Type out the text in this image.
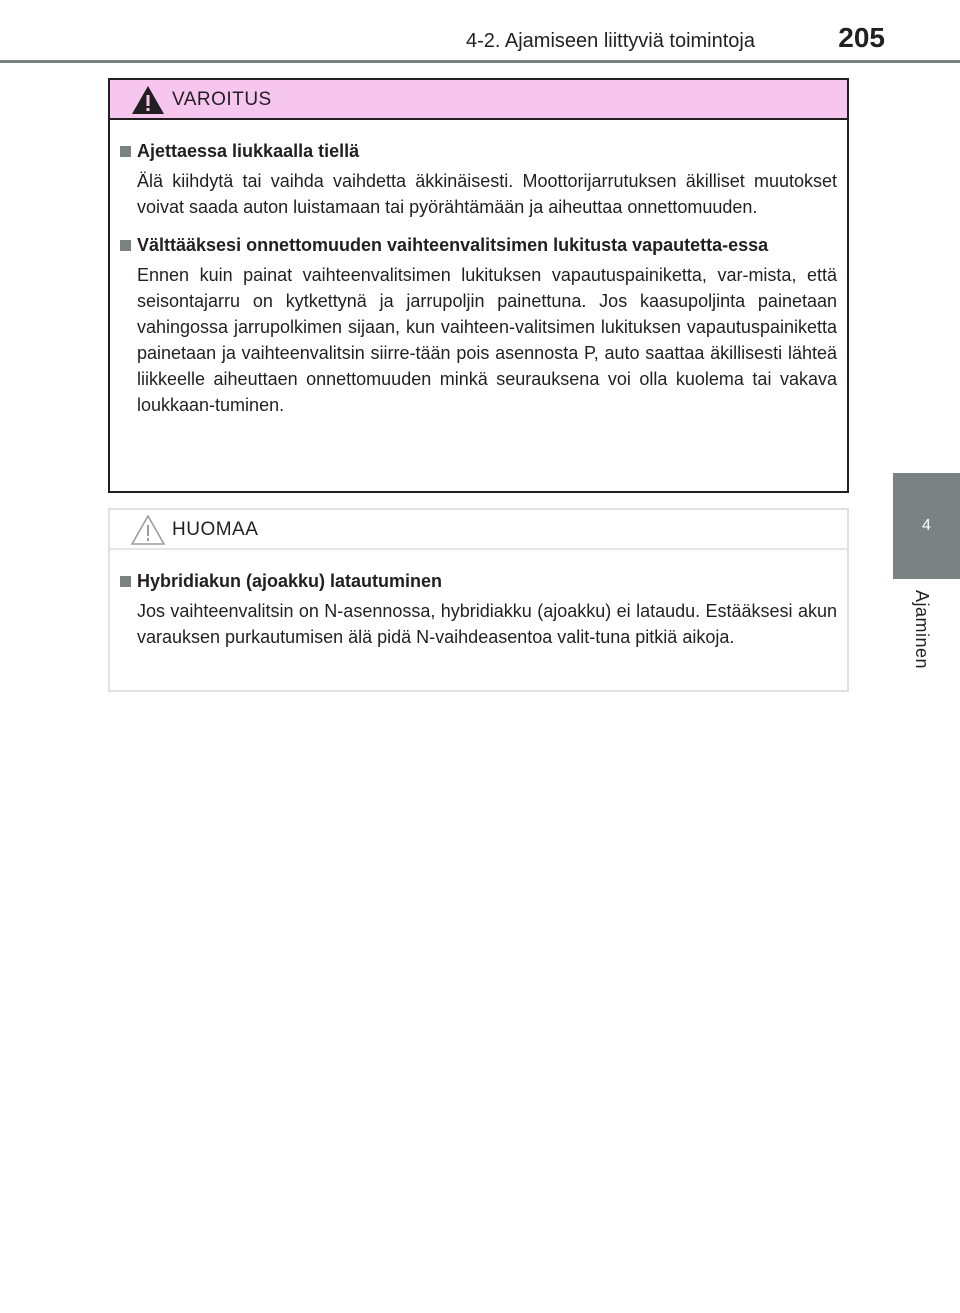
4-2. Ajamiseen liittyviä toimintoja	205
4
Ajaminen
VAROITUS
Ajettaessa liukkaalla tiellä
Älä kiihdytä tai vaihda vaihdetta äkkinäisesti. Moottorijarrutuksen äkilliset muutokset voivat saada auton luistamaan tai pyörähtämään ja aiheuttaa onnettomuuden.
Välttääksesi onnettomuuden vaihteenvalitsimen lukitusta vapautetta-essa
Ennen kuin painat vaihteenvalitsimen lukituksen vapautuspainiketta, var-mista, että seisontajarru on kytkettynä ja jarrupoljin painettuna. Jos kaasupoljinta painetaan vahingossa jarrupolkimen sijaan, kun vaihteen-valitsimen lukituksen vapautuspainiketta painetaan ja vaihteenvalitsin siirre-tään pois asennosta P, auto saattaa äkillisesti lähteä liikkeelle aiheuttaen onnettomuuden minkä seurauksena voi olla kuolema tai vakava loukkaan-tuminen.
HUOMAA
Hybridiakun (ajoakku) latautuminen
Jos vaihteenvalitsin on N-asennossa, hybridiakku (ajoakku) ei lataudu. Estääksesi akun varauksen purkautumisen älä pidä N-vaihdeasentoa valit-tuna pitkiä aikoja.
